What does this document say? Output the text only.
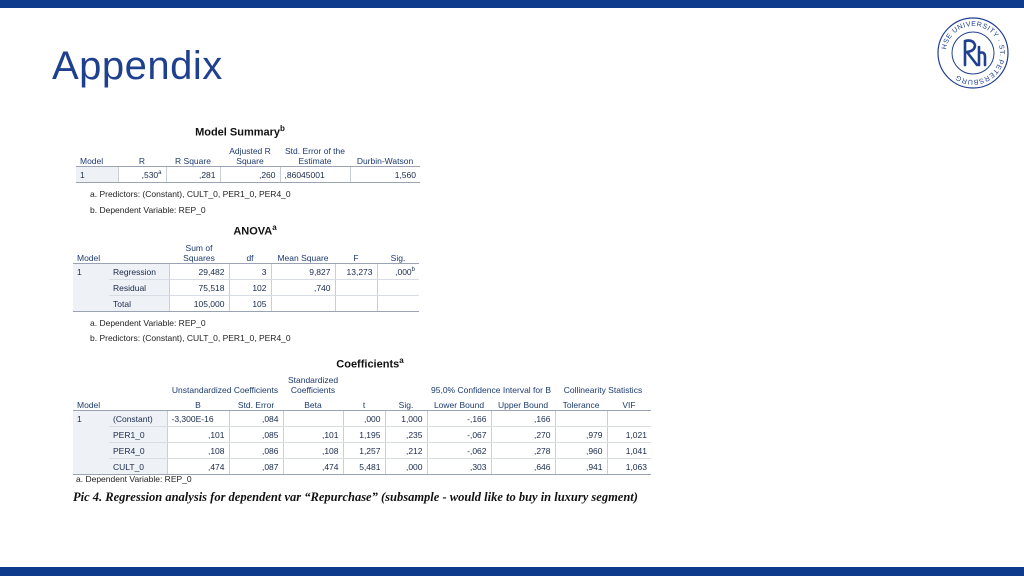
Appendix	HSE UNIVERSITY · ST. PETERSBURG
Model Summary$^b$
Model	R	R Square	Adjusted R Square	Std. Error of the Estimate	Durbin-Watson
1	,530$^a$	,281	,260	,86045001	1,560
a. Predictors: (Constant), CULT_0, PER1_0, PER4_0
b. Dependent Variable: REP_0
ANOVA$^a$
Model		Sum of Squares	df	Mean Square	F	Sig.
1	Regression	29,482	3	9,827	13,273	,000$^b$
	Residual	75,518	102	,740		
	Total	105,000	105			
a. Dependent Variable: REP_0
b. Predictors: (Constant), CULT_0, PER1_0, PER4_0
Coefficients$^a$
		Unstandardized Coefficients		Standardized Coefficients			95,0% Confidence Interval for B		Collinearity Statistics	
Model		B	Std. Error	Beta	t	Sig.	Lower Bound	Upper Bound	Tolerance	VIF
1	(Constant)	-3,300E-16	,084		,000	1,000	-,166	,166		
	PER1_0	,101	,085	,101	1,195	,235	-,067	,270	,979	1,021
	PER4_0	,108	,086	,108	1,257	,212	-,062	,278	,960	1,041
	CULT_0	,474	,087	,474	5,481	,000	,303	,646	,941	1,063
a. Dependent Variable: REP_0
Pic 4. Regression analysis for dependent var “Repurchase” (subsample - would like to buy in luxury segment)
